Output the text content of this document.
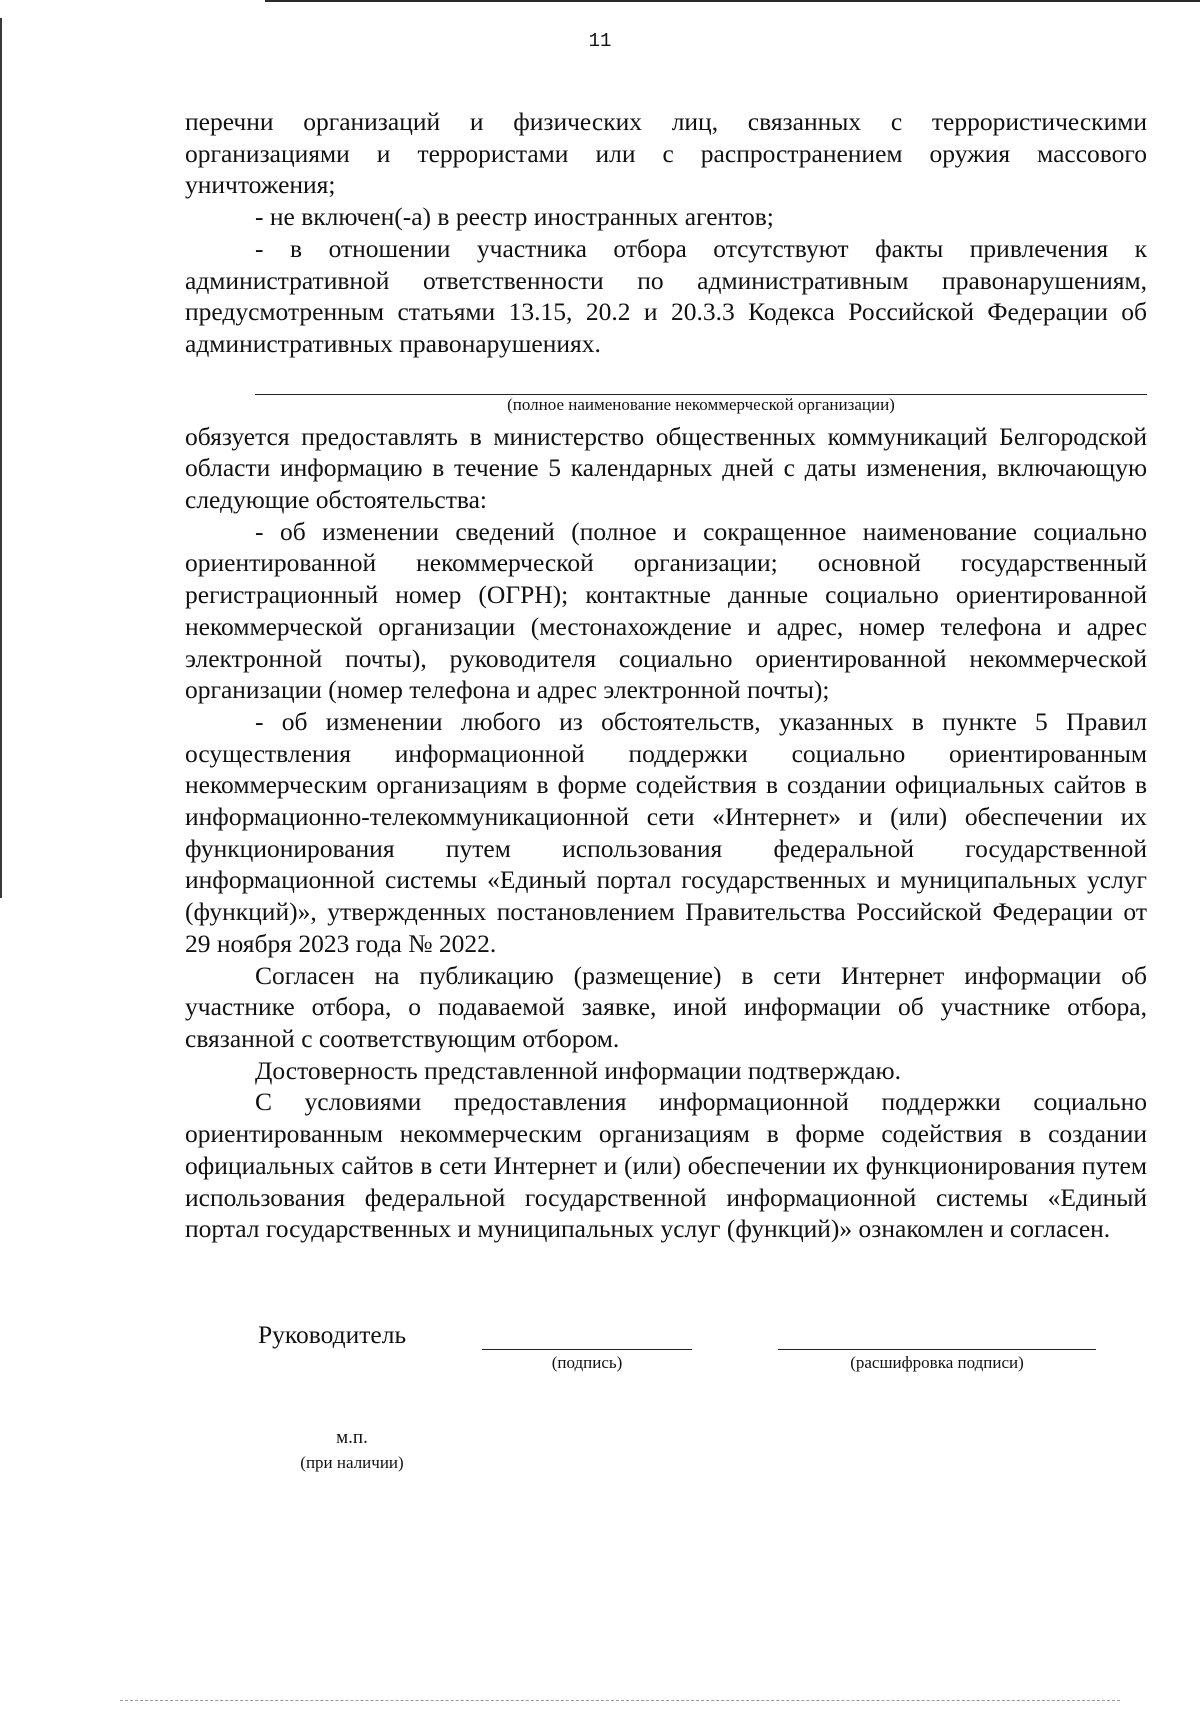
11

перечни организаций и физических лиц, связанных с террористическими организациями и террористами или с распространением оружия массового уничтожения;

- не включен(-а) в реестр иностранных агентов;

- в отношении участника отбора отсутствуют факты привлечения к административной ответственности по административным правонарушениям, предусмотренным статьями 13.15, 20.2 и 20.3.3 Кодекса Российской Федерации об административных правонарушениях.

(полное наименование некоммерческой организации)

обязуется предоставлять в министерство общественных коммуникаций Белгородской области информацию в течение 5 календарных дней с даты изменения, включающую следующие обстоятельства:

- об изменении сведений (полное и сокращенное наименование социально ориентированной некоммерческой организации; основной государственный регистрационный номер (ОГРН); контактные данные социально ориентированной некоммерческой организации (местонахождение и адрес, номер телефона и адрес электронной почты), руководителя социально ориентированной некоммерческой организации (номер телефона и адрес электронной почты);

- об изменении любого из обстоятельств, указанных в пункте 5 Правил осуществления информационной поддержки социально ориентированным некоммерческим организациям в форме содействия в создании официальных сайтов в информационно-телекоммуникационной сети «Интернет» и (или) обеспечении их функционирования путем использования федеральной государственной информационной системы «Единый портал государственных и муниципальных услуг (функций)», утвержденных постановлением Правительства Российской Федерации от 29 ноября 2023 года № 2022.

Согласен на публикацию (размещение) в сети Интернет информации об участнике отбора, о подаваемой заявке, иной информации об участнике отбора, связанной с соответствующим отбором.

Достоверность представленной информации подтверждаю.

С условиями предоставления информационной поддержки социально ориентированным некоммерческим организациям в форме содействия в создании официальных сайтов в сети Интернет и (или) обеспечении их функционирования путем использования федеральной государственной информационной системы «Единый портал государственных и муниципальных услуг (функций)» ознакомлен и согласен.

Руководитель
(подпись)	(расшифровка подписи)
м.п.
(при наличии)
